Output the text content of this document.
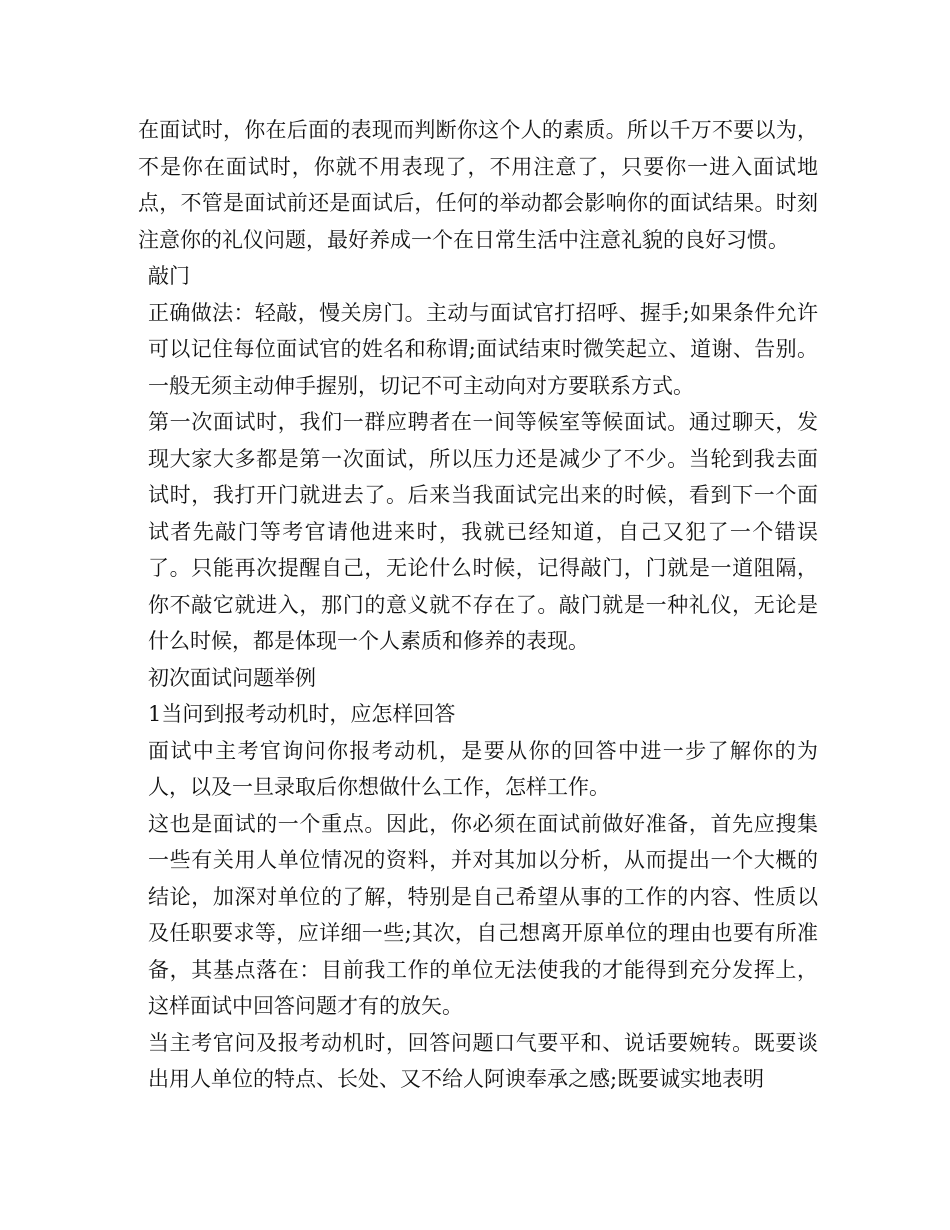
在面试时，你在后面的表现而判断你这个人的素质。所以千万不要以为，不是你在面试时，你就不用表现了，不用注意了，只要你一进入面试地点，不管是面试前还是面试后，任何的举动都会影响你的面试结果。时刻注意你的礼仪问题，最好养成一个在日常生活中注意礼貌的良好习惯。

敲门

正确做法：轻敲，慢关房门。主动与面试官打招呼、握手;如果条件允许可以记住每位面试官的姓名和称谓;面试结束时微笑起立、道谢、告别。一般无须主动伸手握别，切记不可主动向对方要联系方式。

第一次面试时，我们一群应聘者在一间等候室等候面试。通过聊天，发现大家大多都是第一次面试，所以压力还是减少了不少。当轮到我去面试时，我打开门就进去了。后来当我面试完出来的时候，看到下一个面试者先敲门等考官请他进来时，我就已经知道，自己又犯了一个错误了。只能再次提醒自己，无论什么时候，记得敲门，门就是一道阻隔，你不敲它就进入，那门的意义就不存在了。敲门就是一种礼仪，无论是什么时候，都是体现一个人素质和修养的表现。

初次面试问题举例

1当问到报考动机时，应怎样回答

面试中主考官询问你报考动机，是要从你的回答中进一步了解你的为人，以及一旦录取后你想做什么工作，怎样工作。

这也是面试的一个重点。因此，你必须在面试前做好准备，首先应搜集一些有关用人单位情况的资料，并对其加以分析，从而提出一个大概的结论，加深对单位的了解，特别是自己希望从事的工作的内容、性质以及任职要求等，应详细一些;其次，自己想离开原单位的理由也要有所准备，其基点落在：目前我工作的单位无法使我的才能得到充分发挥上，这样面试中回答问题才有的放矢。

当主考官问及报考动机时，回答问题口气要平和、说话要婉转。既要谈出用人单位的特点、长处、又不给人阿谀奉承之感;既要诚实地表明
